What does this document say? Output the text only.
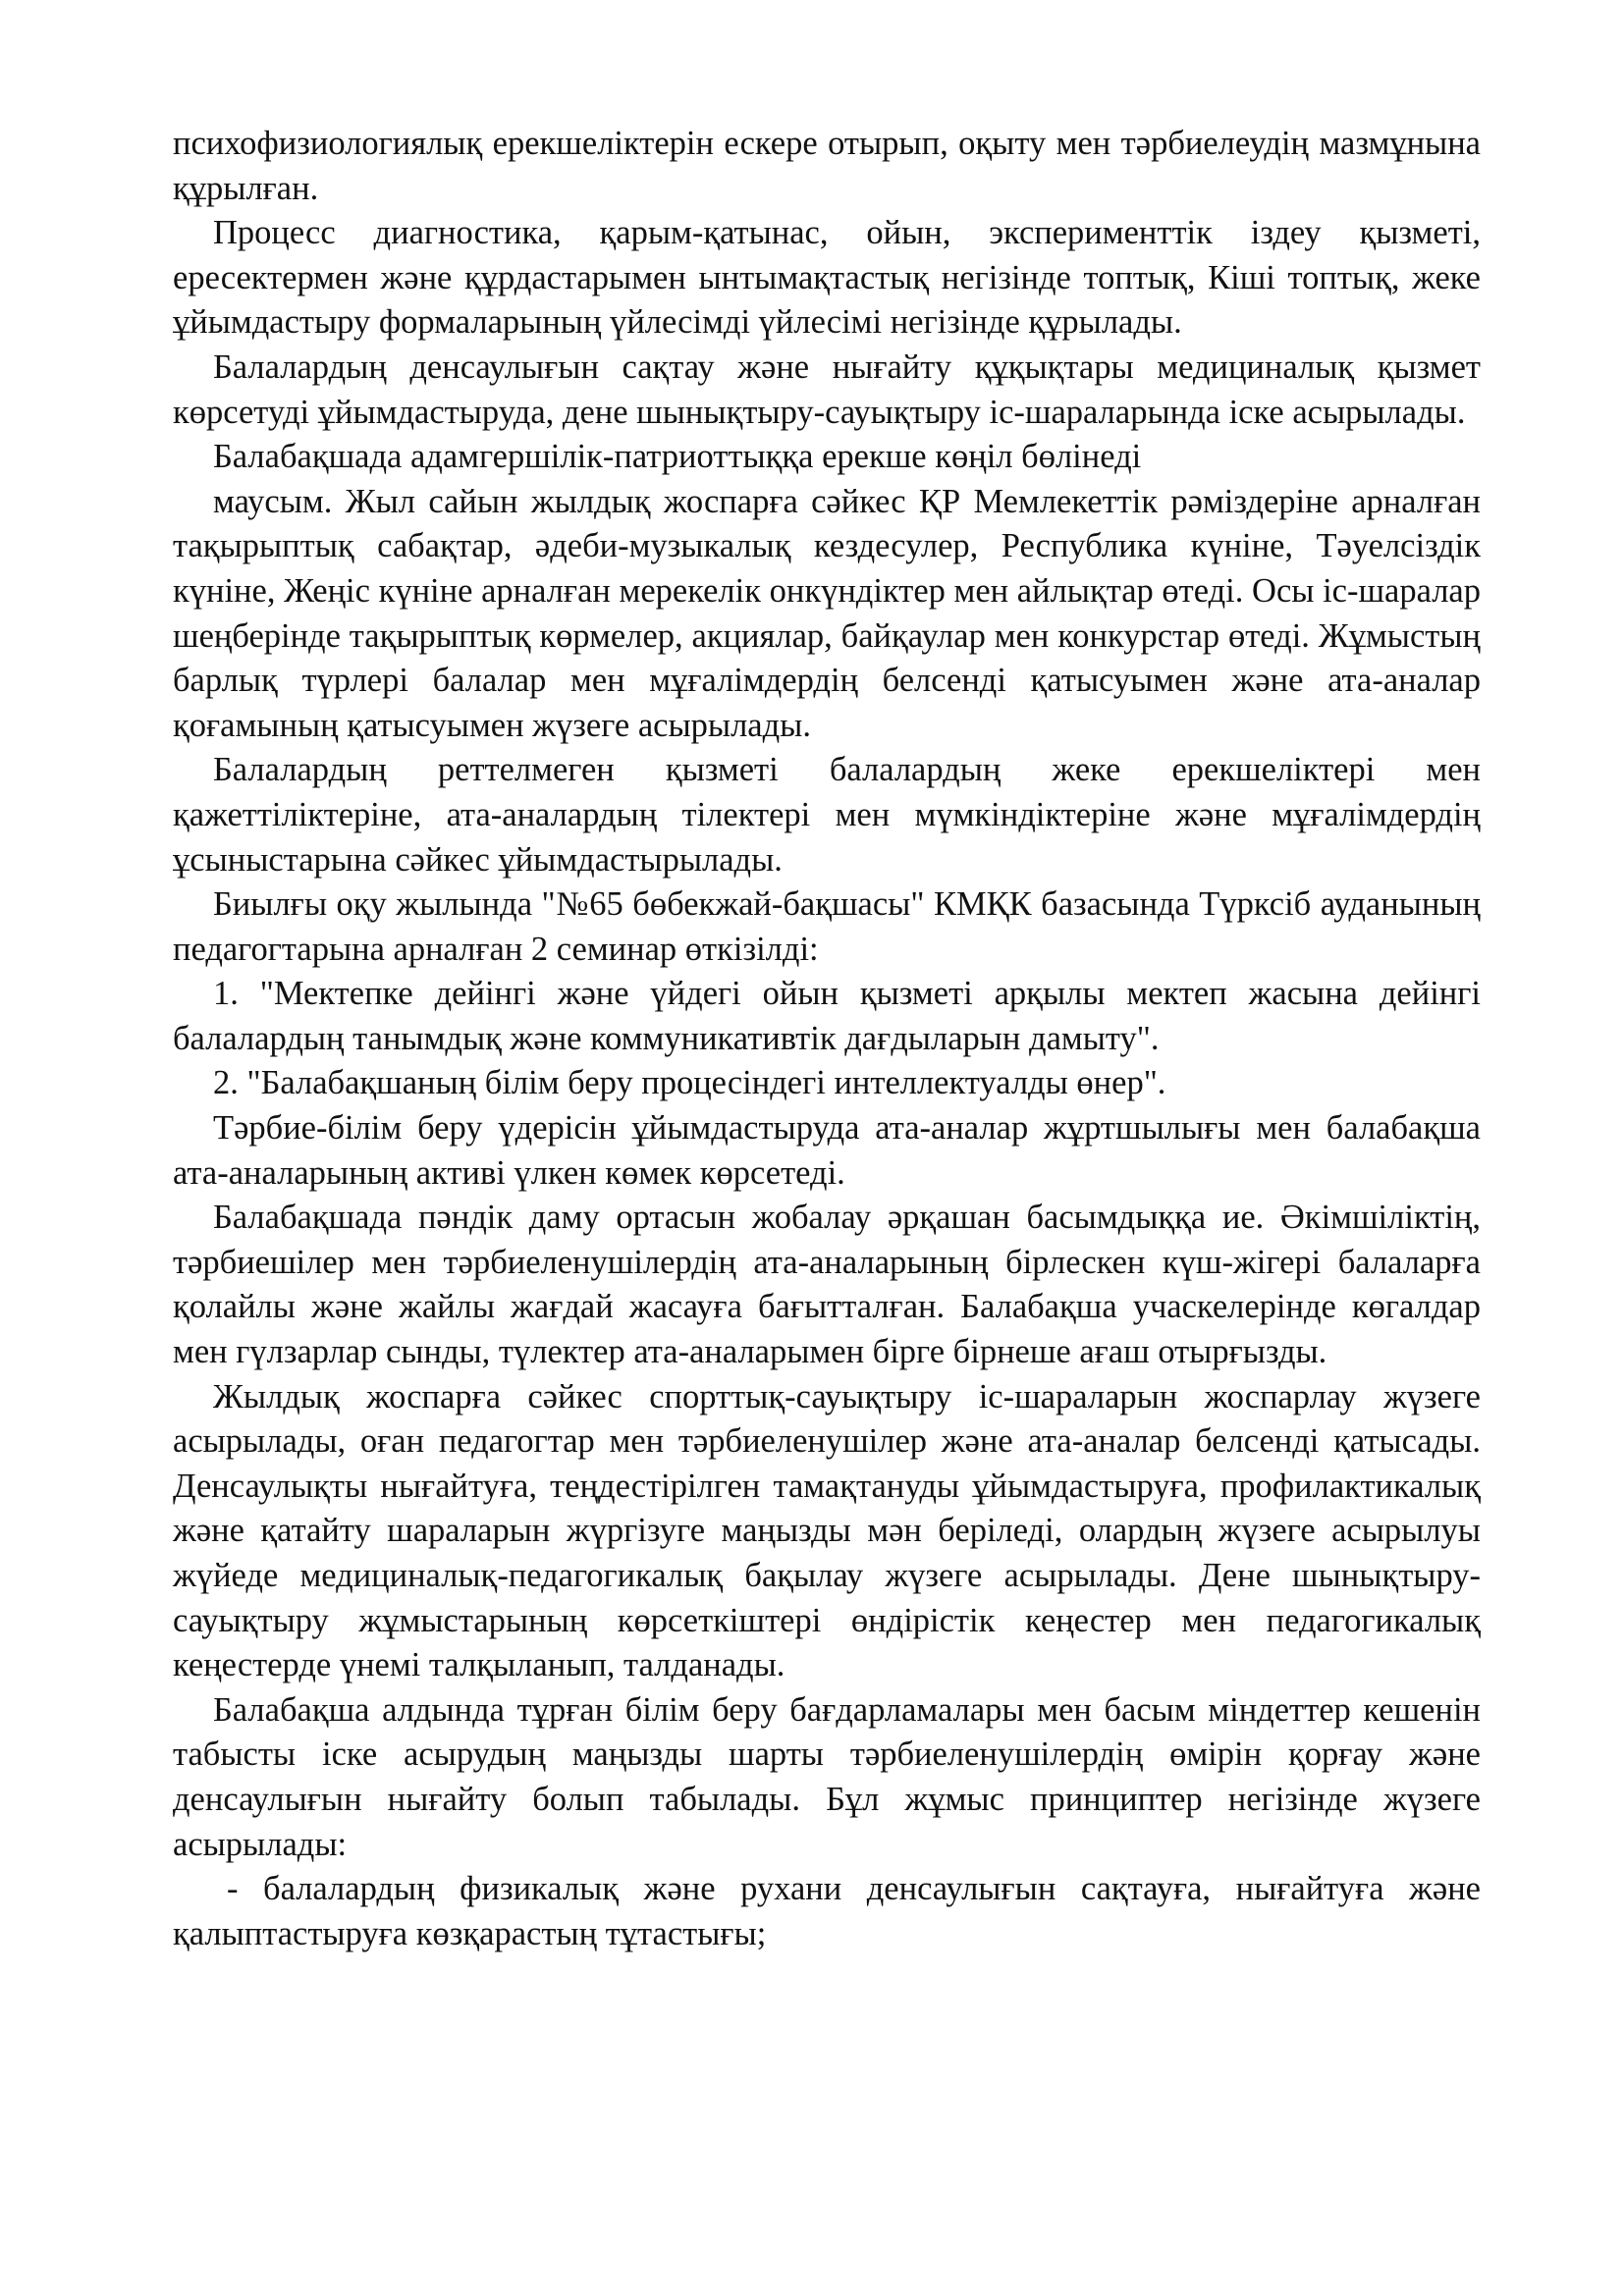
психофизиологиялық ерекшеліктерін ескере отырып, оқыту мен тәрбиелеудің мазмұнына құрылған.

Процесс диагностика, қарым-қатынас, ойын, эксперименттік іздеу қызметі, ересектермен және құрдастарымен ынтымақтастық негізінде топтық, Кіші топтық, жеке ұйымдастыру формаларының үйлесімді үйлесімі негізінде құрылады.

Балалардың денсаулығын сақтау және нығайту құқықтары медициналық қызмет көрсетуді ұйымдастыруда, дене шынықтыру-сауықтыру іс-шараларында іске асырылады.

Балабақшада адамгершілік-патриоттыққа ерекше көңіл бөлінеді

маусым. Жыл сайын жылдық жоспарға сәйкес ҚР Мемлекеттік рәміздеріне арналған тақырыптық сабақтар, әдеби-музыкалық кездесулер, Республика күніне, Тәуелсіздік күніне, Жеңіс күніне арналған мерекелік онкүндіктер мен айлықтар өтеді. Осы іс-шаралар шеңберінде тақырыптық көрмелер, акциялар, байқаулар мен конкурстар өтеді. Жұмыстың барлық түрлері балалар мен мұғалімдердің белсенді қатысуымен және ата-аналар қоғамының қатысуымен жүзеге асырылады.

Балалардың реттелмеген қызметі балалардың жеке ерекшеліктері мен қажеттіліктеріне, ата-аналардың тілектері мен мүмкіндіктеріне және мұғалімдердің ұсыныстарына сәйкес ұйымдастырылады.

Биылғы оқу жылында "№65 бөбекжай-бақшасы" КМҚК базасында Түрксіб ауданының педагогтарына арналған 2 семинар өткізілді:

1. "Мектепке дейінгі және үйдегі ойын қызметі арқылы мектеп жасына дейінгі балалардың танымдық және коммуникативтік дағдыларын дамыту".

2. "Балабақшаның білім беру процесіндегі интеллектуалды өнер".

Тәрбие-білім беру үдерісін ұйымдастыруда ата-аналар жұртшылығы мен балабақша ата-аналарының активі үлкен көмек көрсетеді.

Балабақшада пәндік даму ортасын жобалау әрқашан басымдыққа ие. Әкімшіліктің, тәрбиешілер мен тәрбиеленушілердің ата-аналарының бірлескен күш-жігері балаларға қолайлы және жайлы жағдай жасауға бағытталған. Балабақша учаскелерінде көгалдар мен гүлзарлар сынды, түлектер ата-аналарымен бірге бірнеше ағаш отырғызды.

Жылдық жоспарға сәйкес спорттық-сауықтыру іс-шараларын жоспарлау жүзеге асырылады, оған педагогтар мен тәрбиеленушілер және ата-аналар белсенді қатысады. Денсаулықты нығайтуға, теңдестірілген тамақтануды ұйымдастыруға, профилактикалық және қатайту шараларын жүргізуге маңызды мән беріледі, олардың жүзеге асырылуы жүйеде медициналық-педагогикалық бақылау жүзеге асырылады. Дене шынықтыру-сауықтыру жұмыстарының көрсеткіштері өндірістік кеңестер мен педагогикалық кеңестерде үнемі талқыланып, талданады.

Балабақша алдында тұрған білім беру бағдарламалары мен басым міндеттер кешенін табысты іске асырудың маңызды шарты тәрбиеленушілердің өмірін қорғау және денсаулығын нығайту болып табылады. Бұл жұмыс принциптер негізінде жүзеге асырылады:

- балалардың физикалық және рухани денсаулығын сақтауға, нығайтуға және қалыптастыруға көзқарастың тұтастығы;
